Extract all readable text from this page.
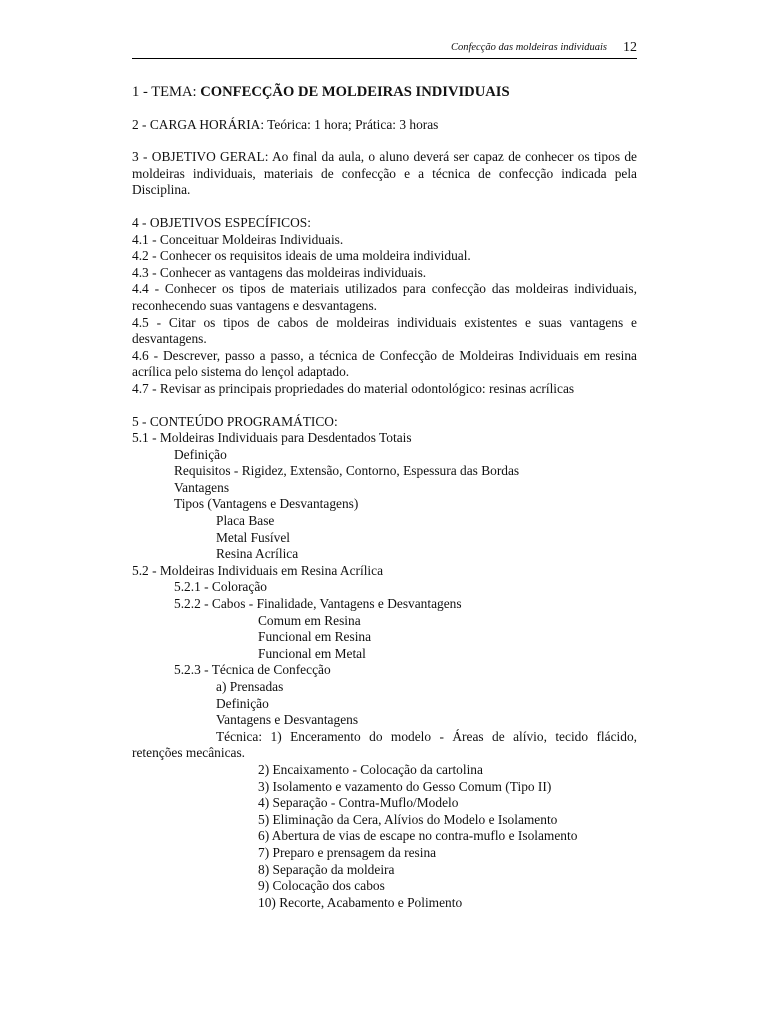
Confecção das moldeiras individuais 12

1 - TEMA: CONFECÇÃO DE MOLDEIRAS INDIVIDUAIS

2 - CARGA HORÁRIA: Teórica: 1 hora; Prática: 3 horas

3 - OBJETIVO GERAL: Ao final da aula, o aluno deverá ser capaz de conhecer os tipos de moldeiras individuais, materiais de confecção e a técnica de confecção indicada pela Disciplina.

4 - OBJETIVOS ESPECÍFICOS:

4.1 - Conceituar Moldeiras Individuais.

4.2 - Conhecer os requisitos ideais de uma moldeira individual.

4.3 - Conhecer as vantagens das moldeiras individuais.

4.4 - Conhecer os tipos de materiais utilizados para confecção das moldeiras individuais, reconhecendo suas vantagens e desvantagens.

4.5 - Citar os tipos de cabos de moldeiras individuais existentes e suas vantagens e desvantagens.

4.6 - Descrever, passo a passo, a técnica de Confecção de Moldeiras Individuais em resina acrílica pelo sistema do lençol adaptado.

4.7 - Revisar as principais propriedades do material odontológico: resinas acrílicas

5 - CONTEÚDO PROGRAMÁTICO:

5.1 - Moldeiras Individuais para Desdentados Totais

Definição

Requisitos - Rigidez, Extensão, Contorno, Espessura das Bordas

Vantagens

Tipos (Vantagens e Desvantagens)

Placa Base

Metal Fusível

Resina Acrílica

5.2 - Moldeiras Individuais em Resina Acrílica

5.2.1 - Coloração

5.2.2 - Cabos - Finalidade, Vantagens e Desvantagens

Comum em Resina

Funcional em Resina

Funcional em Metal

5.2.3 - Técnica de Confecção

a) Prensadas

Definição

Vantagens e Desvantagens

Técnica: 1) Enceramento do modelo - Áreas de alívio, tecido flácido, retenções mecânicas.

2) Encaixamento - Colocação da cartolina

3) Isolamento e vazamento do Gesso Comum (Tipo II)

4) Separação - Contra-Muflo/Modelo

5) Eliminação da Cera, Alívios do Modelo e Isolamento

6) Abertura de vias de escape no contra-muflo e Isolamento

7) Preparo e prensagem da resina

8) Separação da moldeira

9) Colocação dos cabos

10) Recorte, Acabamento e Polimento
